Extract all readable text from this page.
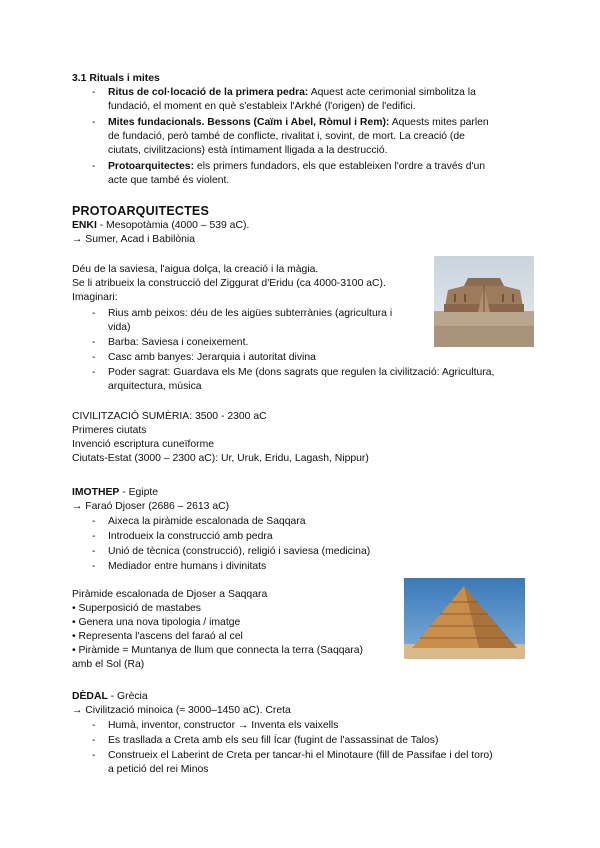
3.1 Rituals i mites
- Ritus de col·locació de la primera pedra: Aquest acte cerimonial simbolitza la
fundació, el moment en què s'estableix l'Arkhé (l'origen) de l'edifici.
- Mites fundacionals. Bessons (Caïm i Abel, Ròmul i Rem): Aquests mites parlen
de fundació, però també de conflicte, rivalitat i, sovint, de mort. La creació (de
ciutats, civilitzacions) està íntimament lligada a la destrucció.
- Protoarquitectes: els primers fundadors, els que estableixen l'ordre a través d'un
acte que també és violent.
PROTOARQUITECTES
ENKI - Mesopotàmia (4000 – 539 aC).
→ Sumer, Acad i Babilònia
Déu de la saviesa, l'aigua dolça, la creació i la màgia.
Se li atribueix la construcció del Ziggurat d'Eridu (ca 4000-3100 aC).
Imaginari:
- Rius amb peixos: déu de les aigües subterrànies (agricultura i
vida)
- Barba: Saviesa i coneixement.
- Casc amb banyes: Jerarquia i autoritat divina
- Poder sagrat: Guardava els Me (dons sagrats que regulen la civilització: Agricultura,
arquitectura, música
CIVILITZACIÓ SUMÈRIA: 3500 - 2300 aC
Primeres ciutats
Invenció escriptura cuneïforme
Ciutats-Estat (3000 – 2300 aC): Ur, Uruk, Eridu, Lagash, Nippur)
IMOTHEP - Egipte
→ Faraó Djoser (2686 – 2613 aC)
- Aixeca la piràmide escalonada de Saqqara
- Introdueix la construcció amb pedra
- Unió de tècnica (construcció), religió i saviesa (medicina)
- Mediador entre humans i divinitats
Piràmide escalonada de Djoser a Saqqara
• Superposició de mastabes
• Genera una nova tipologia / imatge
• Representa l'ascens del faraó al cel
• Piràmide = Muntanya de llum que connecta la terra (Saqqara)
amb el Sol (Ra)
DÈDAL - Grècia
→ Civilització minoica (≈ 3000–1450 aC). Creta
- Humà, inventor, constructor → Inventa els vaixells
- Es trasllada a Creta amb els seu fill Ícar (fugint de l'assassinat de Talos)
- Construeix el Laberint de Creta per tancar-hi el Minotaure (fill de Passifae i del toro)
a petició del rei Minos
